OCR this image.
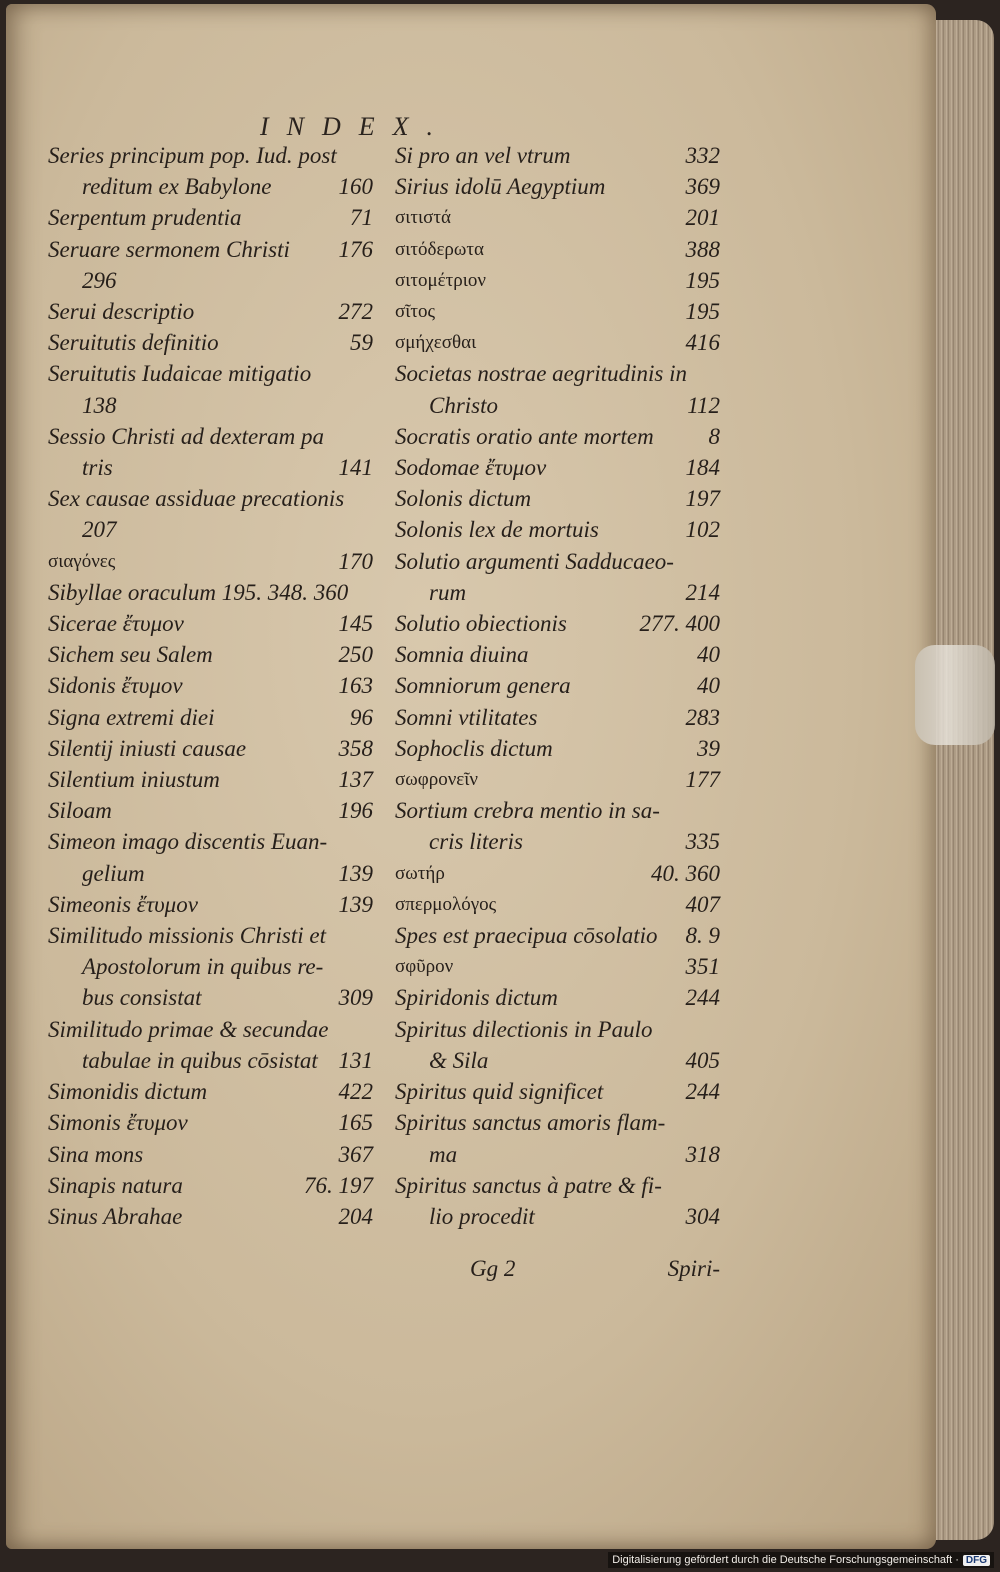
INDEX.
Series principum pop. Iud. post
reditum ex Babylone	160
Serpentum prudentia	71
Seruare sermonem Christi 176
296
Serui descriptio	272
Seruitutis definitio	59
Seruitutis Iudaicae mitigatio
138
Sessio Christi ad dexteram pa
tris	141
Sex causae assiduae precationis
207
σιαγόνες	170
Sibyllae oraculum 195. 348. 360
Sicerae ἔτυμον	145
Sichem seu Salem	250
Sidonis ἔτυμον	163
Signa extremi diei	96
Silentij iniusti causae	358
Silentium iniustum	137
Siloam	196
Simeon imago discentis Euan-
gelium	139
Simeonis ἔτυμον	139
Similitudo missionis Christi et
Apostolorum in quibus re-
bus consistat	309
Similitudo primae & secundae
tabulae in quibus cōsistat 131
Simonidis dictum	422
Simonis ἔτυμον	165
Sina mons	367
Sinapis natura	76. 197
Sinus Abrahae	204
Si pro an vel vtrum	332
Sirius idolū Aegyptium	369
σιτιστά	201
σιτόδερωτα	388
σιτομέτριον	195
σῖτος	195
σμήχεσθαι	416
Societas nostrae aegritudinis in
Christo	112
Socratis oratio ante mortem 8
Sodomae ἔτυμον	184
Solonis dictum	197
Solonis lex de mortuis	102
Solutio argumenti Sadducaeo-
rum	214
Solutio obiectionis	277. 400
Somnia diuina	40
Somniorum genera	40
Somni vtilitates	283
Sophoclis dictum	39
σωφρονεῖν	177
Sortium crebra mentio in sa-
cris literis	335
σωτήρ	40. 360
σπερμολόγος	407
Spes est praecipua cōsolatio 8. 9
σφῦρον	351
Spiridonis dictum	244
Spiritus dilectionis in Paulo
& Sila	405
Spiritus quid significet	244
Spiritus sanctus amoris flam-
ma	318
Spiritus sanctus à patre & fi-
lio procedit	304
Gg 2	Spiri-
Digitalisierung gefördert durch die Deutsche Forschungsgemeinschaft · DFG
